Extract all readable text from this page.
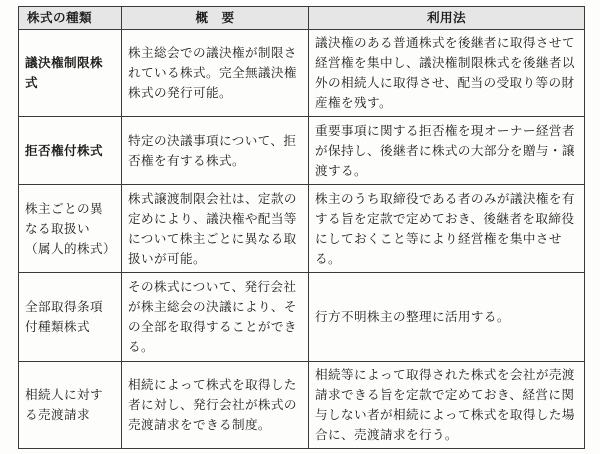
株式の種類	概　要	利用法
議決権制限株式	株主総会での議決権が制限されている株式。完全無議決権株式の発行可能。	議決権のある普通株式を後継者に取得させて経営権を集中し、議決権制限株式を後継者以外の相続人に取得させ、配当の受取り等の財産権を残す。
拒否権付株式	特定の決議事項について、拒否権を有する株式。	重要事項に関する拒否権を現オーナー経営者が保持し、後継者に株式の大部分を贈与・譲渡する。
株主ごとの異なる取扱い（属人的株式）	株式譲渡制限会社は、定款の定めにより、議決権や配当等について株主ごとに異なる取扱いが可能。	株主のうち取締役である者のみが議決権を有する旨を定款で定めておき、後継者を取締役にしておくこと等により経営権を集中させる。
全部取得条項付種類株式	その株式について、発行会社が株主総会の決議により、その全部を取得することができる。	行方不明株主の整理に活用する。
相続人に対する売渡請求	相続によって株式を取得した者に対し、発行会社が株式の売渡請求をできる制度。	相続等によって取得された株式を会社が売渡請求できる旨を定款で定めておき、経営に関与しない者が相続によって株式を取得した場合に、売渡請求を行う。
